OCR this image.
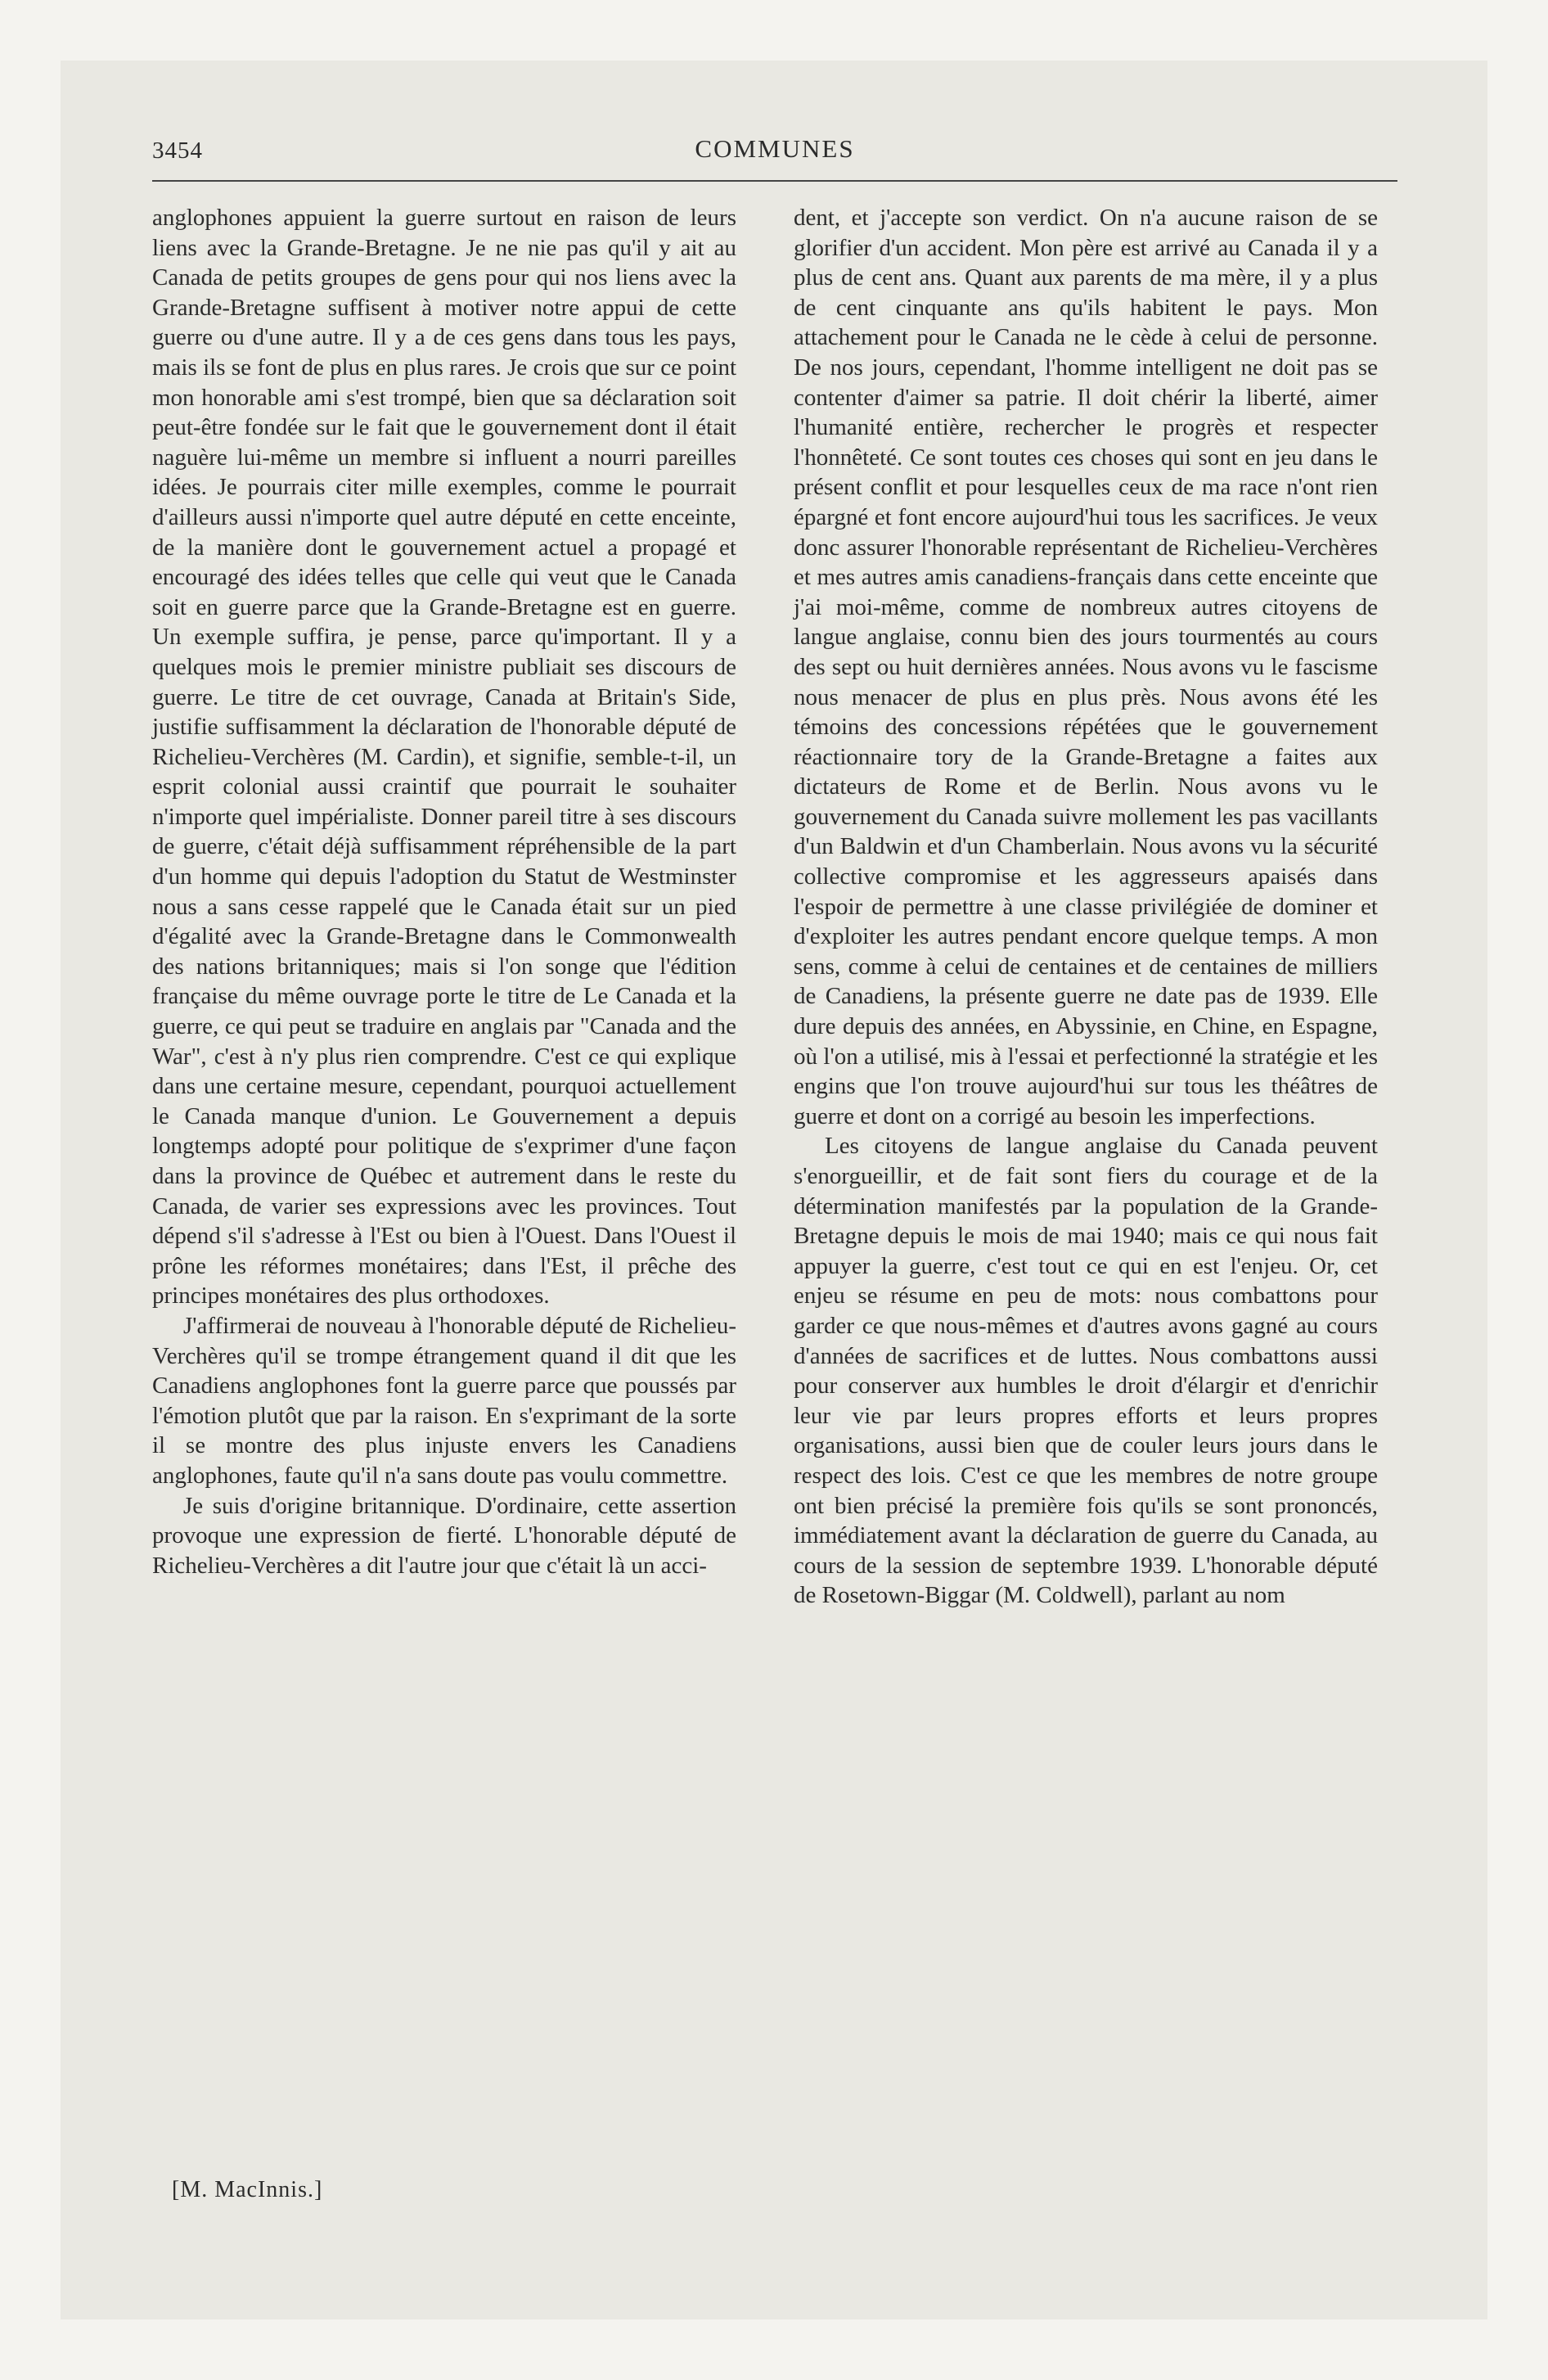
3454	COMMUNES

anglophones appuient la guerre surtout en raison de leurs liens avec la Grande-Bretagne. Je ne nie pas qu'il y ait au Canada de petits groupes de gens pour qui nos liens avec la Grande-Bretagne suffisent à motiver notre appui de cette guerre ou d'une autre. Il y a de ces gens dans tous les pays, mais ils se font de plus en plus rares. Je crois que sur ce point mon honorable ami s'est trompé, bien que sa déclaration soit peut-être fondée sur le fait que le gouvernement dont il était naguère lui-même un membre si influent a nourri pareilles idées. Je pourrais citer mille exemples, comme le pourrait d'ailleurs aussi n'importe quel autre député en cette enceinte, de la manière dont le gouvernement actuel a propagé et encouragé des idées telles que celle qui veut que le Canada soit en guerre parce que la Grande-Bretagne est en guerre. Un exemple suffira, je pense, parce qu'important. Il y a quelques mois le premier ministre publiait ses discours de guerre. Le titre de cet ouvrage, Canada at Britain's Side, justifie suffisamment la déclaration de l'honorable député de Richelieu-Verchères (M. Cardin), et signifie, semble-t-il, un esprit colonial aussi craintif que pourrait le souhaiter n'importe quel impérialiste. Donner pareil titre à ses discours de guerre, c'était déjà suffisamment répréhensible de la part d'un homme qui depuis l'adoption du Statut de Westminster nous a sans cesse rappelé que le Canada était sur un pied d'égalité avec la Grande-Bretagne dans le Commonwealth des nations britanniques; mais si l'on songe que l'édition française du même ouvrage porte le titre de Le Canada et la guerre, ce qui peut se traduire en anglais par "Canada and the War", c'est à n'y plus rien comprendre. C'est ce qui explique dans une certaine mesure, cependant, pourquoi actuellement le Canada manque d'union. Le Gouvernement a depuis longtemps adopté pour politique de s'exprimer d'une façon dans la province de Québec et autrement dans le reste du Canada, de varier ses expressions avec les provinces. Tout dépend s'il s'adresse à l'Est ou bien à l'Ouest. Dans l'Ouest il prône les réformes monétaires; dans l'Est, il prêche des principes monétaires des plus orthodoxes.

J'affirmerai de nouveau à l'honorable député de Richelieu-Verchères qu'il se trompe étrangement quand il dit que les Canadiens anglophones font la guerre parce que poussés par l'émotion plutôt que par la raison. En s'exprimant de la sorte il se montre des plus injuste envers les Canadiens anglophones, faute qu'il n'a sans doute pas voulu commettre.

Je suis d'origine britannique. D'ordinaire, cette assertion provoque une expression de fierté. L'honorable député de Richelieu-Verchères a dit l'autre jour que c'était là un acci-

dent, et j'accepte son verdict. On n'a aucune raison de se glorifier d'un accident. Mon père est arrivé au Canada il y a plus de cent ans. Quant aux parents de ma mère, il y a plus de cent cinquante ans qu'ils habitent le pays. Mon attachement pour le Canada ne le cède à celui de personne. De nos jours, cependant, l'homme intelligent ne doit pas se contenter d'aimer sa patrie. Il doit chérir la liberté, aimer l'humanité entière, rechercher le progrès et respecter l'honnêteté. Ce sont toutes ces choses qui sont en jeu dans le présent conflit et pour lesquelles ceux de ma race n'ont rien épargné et font encore aujourd'hui tous les sacrifices. Je veux donc assurer l'honorable représentant de Richelieu-Verchères et mes autres amis canadiens-français dans cette enceinte que j'ai moi-même, comme de nombreux autres citoyens de langue anglaise, connu bien des jours tourmentés au cours des sept ou huit dernières années. Nous avons vu le fascisme nous menacer de plus en plus près. Nous avons été les témoins des concessions répétées que le gouvernement réactionnaire tory de la Grande-Bretagne a faites aux dictateurs de Rome et de Berlin. Nous avons vu le gouvernement du Canada suivre mollement les pas vacillants d'un Baldwin et d'un Chamberlain. Nous avons vu la sécurité collective compromise et les aggresseurs apaisés dans l'espoir de permettre à une classe privilégiée de dominer et d'exploiter les autres pendant encore quelque temps. A mon sens, comme à celui de centaines et de centaines de milliers de Canadiens, la présente guerre ne date pas de 1939. Elle dure depuis des années, en Abyssinie, en Chine, en Espagne, où l'on a utilisé, mis à l'essai et perfectionné la stratégie et les engins que l'on trouve aujourd'hui sur tous les théâtres de guerre et dont on a corrigé au besoin les imperfections.

Les citoyens de langue anglaise du Canada peuvent s'enorgueillir, et de fait sont fiers du courage et de la détermination manifestés par la population de la Grande-Bretagne depuis le mois de mai 1940; mais ce qui nous fait appuyer la guerre, c'est tout ce qui en est l'enjeu. Or, cet enjeu se résume en peu de mots: nous combattons pour garder ce que nous-mêmes et d'autres avons gagné au cours d'années de sacrifices et de luttes. Nous combattons aussi pour conserver aux humbles le droit d'élargir et d'enrichir leur vie par leurs propres efforts et leurs propres organisations, aussi bien que de couler leurs jours dans le respect des lois. C'est ce que les membres de notre groupe ont bien précisé la première fois qu'ils se sont prononcés, immédiatement avant la déclaration de guerre du Canada, au cours de la session de septembre 1939. L'honorable député de Rosetown-Biggar (M. Coldwell), parlant au nom

[M. MacInnis.]
